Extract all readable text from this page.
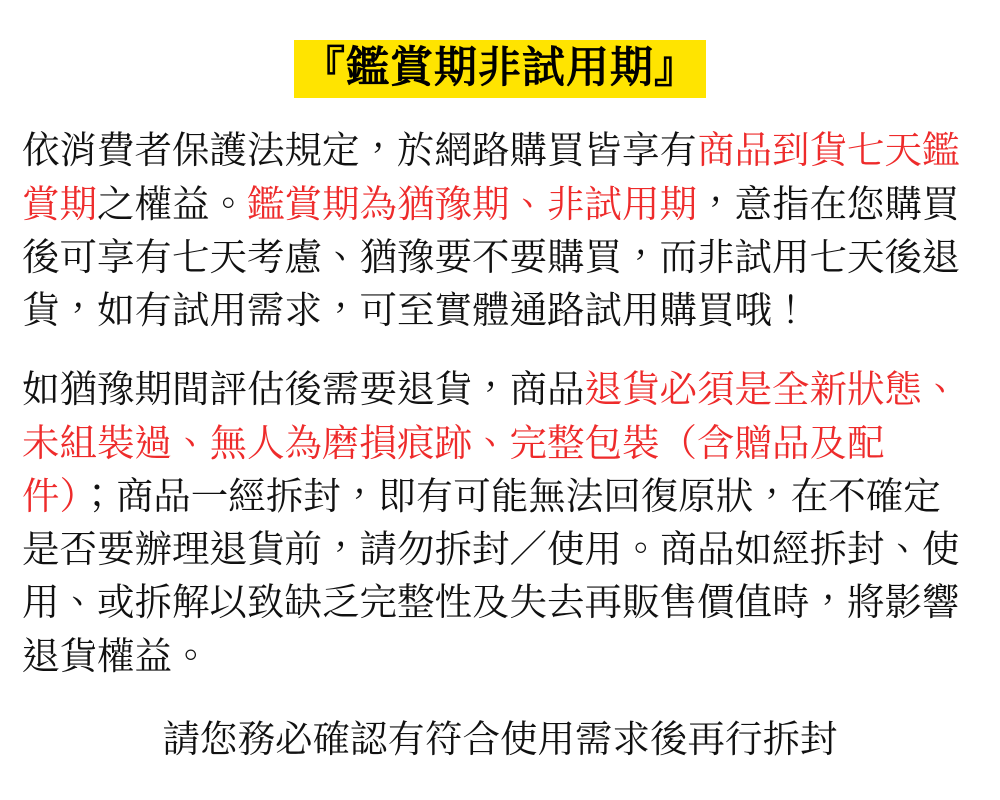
『鑑賞期非試用期』

依消費者保護法規定，於網路購買皆享有商品到貨七天鑑賞期之權益。鑑賞期為猶豫期、非試用期，意指在您購買後可享有七天考慮、猶豫要不要購買，而非試用七天後退貨，如有試用需求，可至實體通路試用購買哦！

如猶豫期間評估後需要退貨，商品退貨必須是全新狀態、未組裝過、無人為磨損痕跡、完整包裝（含贈品及配件）；商品一經拆封，即有可能無法回復原狀，在不確定是否要辦理退貨前，請勿拆封／使用。商品如經拆封、使用、或拆解以致缺乏完整性及失去再販售價值時，將影響退貨權益。

請您務必確認有符合使用需求後再行拆封
